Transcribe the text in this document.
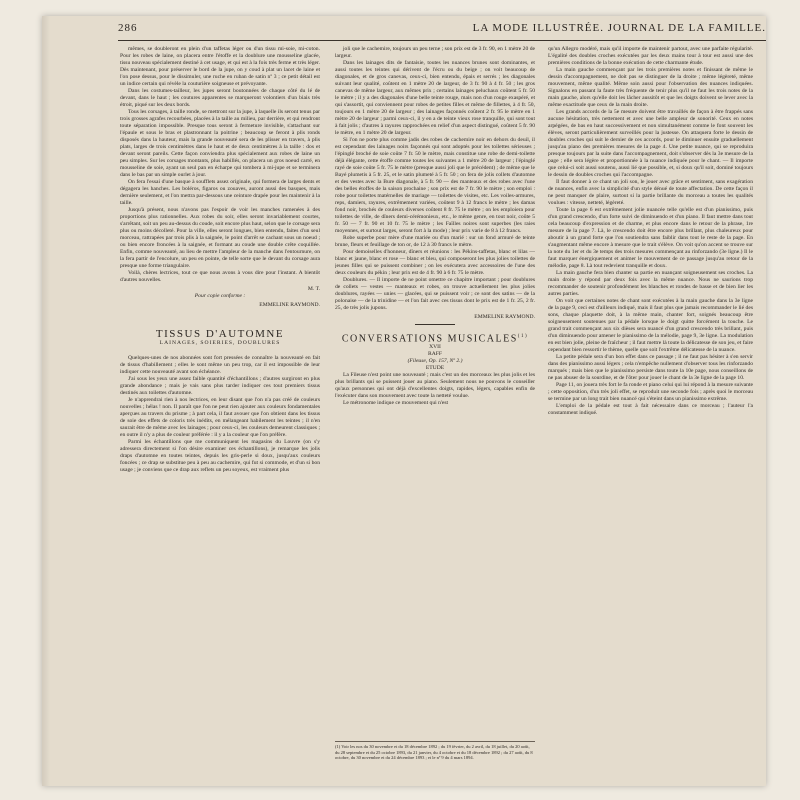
286	LA MODE ILLUSTRÉE. JOURNAL DE LA FAMILLE.

mêmes, se doubleront en plein d'un taffetas léger ou d'un tissu mi-soie, mi-coton. Pour les robes de laine, on placera entre l'étoffe et la doublure une mousseline glacée, tissu nouveau spécialement destiné à cet usage, et qui est à la fois très ferme et très léger. Dès maintenant, pour préserver le bord de la jupe, on y coud à plat un lacet de laine et l'on pose dessus, pour le dissimuler, une ruche en ruban de satin nº 3 ; ce petit détail est un indice certain qui révèle la couturière soigneuse et prévoyante.

Dans les costumes-tailleur, les jupes seront boutonnées de chaque côté du lé de devant, dans le haut ; les coutures apparentes se marqueront volontiers d'un biais très étroit, piqué sur les deux bords.

Tous les corsages, à taille ronde, se mettront sur la jupe, à laquelle ils seront tenus par trois grosses agrafes recourbées, placées à la taille au milieu, par derrière, et qui rendront toute séparation impossible. Presque tous seront à fermeture invisible, s'attachant sur l'épaule et sous le bras et plastronnant la poitrine ; beaucoup se feront à plis ronds disposés dans la hauteur, mais la grande nouveauté sera de les plisser en travers, à plis plats, larges de trois centimètres dans le haut et de deux centimètres à la taille : dos et devant seront pareils. Cette façon conviendra plus spécialement aux robes de laine un peu simples. Sur les corsages montants, plus habillés, on placera un gros noeud carré, en mousseline de soie, ayant un seul pan en écharpe qui tombera à mi-jupe et se terminera dans le bas par un simple ourlet à jour.

On fera l'essai d'une basque à soufflets assez originale, qui formera de larges dents et dégagera les hanches. Les boléros, figaros ou zouaves, auront aussi des basques, mais dernière seulement, et l'on mettra par-dessous une ceinture drapée pour les maintenir à la taille.

Jusqu'à présent, nous n'avons pas l'espoir de voir les manches ramenées à des proportions plus rationnelles. Aux robes du soir, elles seront invariablement courtes, s'arrêtant, soit un peu au-dessus du coude, soit encore plus haut, selon que le corsage sera plus ou moins décolleté. Pour la ville, elles seront longues, bien entendu, faites d'un seul morceau, rattrapées par trois plis à la saignée, le point d'arrêt se cachant sous un noeud ; ou bien encore froncées à la saignée, et formant au coude une double crête coquillée. Enfin, comme nouveauté, au lieu de mettre l'ampleur de la manche dans l'entournure, on la fera partir de l'encolure, un peu en pointe, de telle sorte que le devant du corsage aura presque une forme triangulaire.

Voilà, chères lectrices, tout ce que nous avons à vous dire pour l'instant. A bientôt d'autres nouvelles.

M. T.
Pour copie conforme :
EMMELINE RAYMOND.
TISSUS D'AUTOMNE
LAINAGES, SOIERIES, DOUBLURES

Quelques-unes de nos abonnées sont fort pressées de connaître la nouveauté en fait de tissus d'habillement ; elles le sont même un peu trop, car il est impossible de leur indiquer cette nouveauté avant son échéance.

J'ai sous les yeux une assez faible quantité d'échantillons ; d'autres surgiront en plus grande abondance ; mais je vais sans plus tarder indiquer ces tout premiers tissus destinés aux toilettes d'automne.

Je n'apprendrai rien à nos lectrices, en leur disant que l'on n'a pas créé de couleurs nouvelles ; hélas ! non. Il paraît que l'on ne peut rien ajouter aux couleurs fondamentales aperçues au travers du prisme ; à part cela, il faut avouer que l'on obtient dans les tissus de soie des effets de coloris très inédits, en mélangeant habilement les teintes ; il n'en saurait être de même avec les lainages ; pour ceux-ci, les couleurs demeurent classiques ; en outre il n'y a plus de couleur préférée : il y a la couleur que l'on préfère.

Parmi les échantillons que me communiquent les magasins du Louvre (on s'y adressera directement si l'on désire examiner ces échantillons), je remarque les jolis draps d'automne en toutes teintes, depuis les gris-perle si doux, jusqu'aux couleurs foncées ; ce drap se substitue peu à peu au cachemire, qui fut si commode, et d'un si bon usage ; je conviens que ce drap aux reflets un peu soyeux, est vraiment plus

joli que le cachemire, toujours un peu terne ; son prix est de 3 fr. 90, en 1 mètre 20 de largeur.

Dans les lainages dits de fantaisie, toutes les nuances brunes sont dominantes, et aussi toutes les teintes qui dérivent de l'écru ou du beige ; on voit beaucoup de diagonales, et de gros canevas, ceux-ci, bien entendu, épais et serrés ; les diagonales suivant leur qualité, coûtent en 1 mètre 20 de largeur, de 3 fr. 90 à 4 fr. 50 ; les gros canevas de même largeur, aux mêmes prix ; certains lainages peluchaux coûtent 5 fr. 50 le mètre ; il y a des diagonales d'une belle teinte rouge, mais non d'un rouge exaspéré, et qui s'assortit, qui conviennent pour robes de petites filles et même de fillettes, à 4 fr. 50, toujours en 1 mètre 20 de largeur ; des lainages façonnés coûtent 2 fr. 95 le mètre en 1 mètre 20 de largeur ; parmi ceux-ci, il y en a de teinte vieux rose tranquille, qui sont tout à fait jolis ; d'autres à rayures rapprochées en relief d'un aspect distingué, coûtent 5 fr. 90 le mètre, en 1 mètre 20 de largeur.

Si l'on ne porte plus comme jadis des robes de cachemire noir en dehors du deuil, il est cependant des lainages noirs façonnés qui sont adoptés pour les toilettes sérieuses ; l'épinglé broché de soie coûte 7 fr. 50 le mètre, mais constitue une robe de demi-toilette déjà élégante, cette étoffe comme toutes les suivantes a 1 mètre 20 de largeur ; l'épinglé rayé de soie coûte 5 fr. 75 le mètre (presque aussi joli que le précédent) ; de même que le Bayé plumetis à 5 fr. 25, et le satin plumeté à 5 fr. 50 ; on fera de jolis collets d'automne et des vestes avec la Bure diagonale, à 5 fr. 90 — des manteaux et des robes avec l'une des belles étoffes de la saison prochaine ; son prix est de 7 fr. 90 le mètre ; son emploi : robe pour toilettes matérnelles de mariage — toilettes de visites, etc. Les voiles-armures, reps, damiers, rayures, extrêmement variées, coûtent 9 à 12 francs le mètre ; les damas fond noir, brochés de couleurs diverses coûtent 8 fr. 75 le mètre ; on les emploiera pour toilettes de ville, de dîners demi-cérémonieux, etc., le même genre, en tout noir, coûte 5 fr. 50 — 7 fr. 90 et 10 fr. 75 le mètre ; les Faïlles noires sont superbes (les raies moyennes, et surtout larges, seront fort à la mode) ; leur prix varie de 8 à 12 francs.

Robe superbe pour mère d'une mariée ou d'un marié : sur un fond armuré de teinte brune, fleurs et feuillage de ton or, de 12 à 30 francs le mètre.

Pour demoiselles d'honneur, dîners et réunions : les Pékins-taffetas, blanc et lilas — blanc et jaune, blanc et rose — blanc et bleu, qui composeront les plus jolies toilettes de jeunes filles qui se puissent combiner ; on les exécutera avec accessoires de l'une des deux couleurs du pékin ; leur prix est de 4 fr. 90 à 6 fr. 75 le mètre.

Doublures. — Il importe de ne point omettre ce chapitre important ; pour doublures de collets — vestes — manteaux et robes, on trouve actuellement les plus jolies doublures, rayées — unies — glacées, qui se puissent voir ; ce sont des satins — de la polonaise — de la trinidine — et l'on fait avec ces tissus dont le prix est de 1 fr. 25, 2 fr. 25, de très jolis jupons.

EMMELINE RAYMOND.
CONVERSATIONS MUSICALES$^{(1)}$
XVII
RAFF
(Fileuse, Op. 157, Nº 2.)
ETUDE

La Fileuse n'est point une nouveauté ; mais c'est un des morceaux les plus jolis et les plus brillants qui se puissent jouer au piano. Seulement nous ne pouvons le conseiller qu'aux personnes qui ont déjà d'excellentes doigts, rapides, légers, capables enfin de l'exécuter dans son mouvement avec toute la netteté voulue.

Le métronome indique ce mouvement qui n'est

(1) Voir les nos du 30 novembre et du 18 décembre 1892 ; du 19 février, du 2 avril, du 18 juillet, du 20 août, du 28 septembre et du 25 octobre 1893, du 21 janvier, du 4 octobre et du 18 décembre 1892 ; du 27 août, du 8 octobre, du 30 novembre et du 24 décembre 1893 ; et le nº 9 du 4 mars 1894.

qu'un Allegro modéré, mais qu'il importe de maintenir partout, avec une parfaite régularité. L'égalité des doubles croches exécutées par les deux mains tour à tour est aussi une des premières conditions de la bonne exécution de cette charmante étude.

La main gauche commençant par les trois premières notes et finissant de même le dessin d'accompagnement, ne doit pas se distinguer de la droite ; même légèreté, même mouvement, même qualité. Même soin aussi pour l'observation des nuances indiquées. Signalons en passant la faute très fréquente de tenir plus qu'il ne faut les trois notes de la main gauche, alors qu'elle doit les lâcher aussitôt et que les doigts doivent se lever avec la même exactitude que ceux de la main droite.

Les grands accords de la 5e mesure doivent être travaillés de façon à être frappés sans aucune hésitation, très nettement et avec une belle ampleur de sonorité. Ceux en notes arpégées, de bas en haut successivement et non simultanément comme le font souvent les élèves, seront particulièrement surveillés pour la justesse. On attaquera forte le dessin de doubles croches qui suit le dernier de ces accords, pour le diminuer ensuite graduellement jusqu'au piano des premières mesures de la page 4. Une petite nuance, qui se reproduira presque toujours par la suite dans l'accompagnement, doit s'observer dès la 3e mesure de la page ; elle sera légère et proportionnée à la nuance indiquée pour le chant. — Il importe que celui-ci soit aussi soutenu, aussi lié que possible, et, si doux qu'il soit, dominé toujours le dessin de doubles croches qui l'accompagne.

Il faut donner à ce chant un joli son, le jouer avec grâce et sentiment, sans exagération de nuances, enfin avec la simplicité d'un style dénué de toute affectation. De cette façon il ne peut manquer de plaire, surtout si la partie brillante du morceau a toutes les qualités voulues : vitesse, netteté, légèreté.

Toute la page 6 est extrêmement jolie nuancée telle qu'elle est d'un pianissimo, puis d'un grand crescendo, d'un forte suivi de diminuendo et d'un piano. Il faut mettre dans tout cela beaucoup d'expression et de charme, et plus encore dans le retour de la phrase, 1re mesure de la page 7. Là, le crescendo doit être encore plus brillant, plus chaleureux pour aboutir à un grand forte que l'on soutiendra sans faiblir dans tout le reste de la page. En s'augmentant même encore à mesure que le trait s'élève. On voit qu'on accent se trouve sur la note du 1er et du 3e temps des trois mesures commençant au rinforzando (3e ligne.) Il le faut marquer énergiquement et animer le mouvement de ce passage jusqu'au retour de la mélodie, page 8. Là tout redevient tranquille et doux.

La main gauche fera bien chanter sa partie en nuançant soigneusement ses croches. La main droite y répond par deux fois avec la même nuance. Nous ne saurions trop recommander de soutenir profondément les blanches et rondes de basse et de bien lier les autres parties.

On voit que certaines notes de chant sont exécutées à la main gauche dans la 3e ligne de la page 9, ceci est d'ailleurs indiqué, mais il faut plus que jamais recommander le lié des sons, chaque plaquette doit, à la même main, chanter fort, soignés beaucoup être soigneusement soutenues par la pédale lorsque le doigt quitte forcément la touche. Le grand trait commençant aux six dièses sera nuancé d'un grand crescendo très brillant, puis d'un diminuendo pour amener le pianissimo de la mélodie, page 9, 3e ligne. La modulation en est bien jolie, pleine de fraîcheur ; il faut mettre là toute la délicatesse de son jeu, et faire cependant bien ressortir le thème, quelle que soit l'extrême délicatesse de la nuance.

La petite pédale sera d'un bon effet dans ce passage ; il ne faut pas hésiter à s'en servir dans des pianissimo aussi légers ; cela n'empêche nullement d'observer tous les rinforzando marqués ; mais bien que le pianissimo persiste dans toute la 10e page, nous conseillons de ne pas abuser de la sourdine, et de l'ôter pour jouer le chant de la 3e ligne de la page 10.

Page 11, on jouera très fort le fa ronde et piano celui qui lui répond à la mesure suivante ; cette opposition, d'un très joli effet, se reproduit une seconde fois ; après quoi le morceau se termine par un long trait bien nuancé qui s'éteint dans un pianissimo extrême.

L'emploi de la pédale est tout à fait nécessaire dans ce morceau ; l'auteur l'a constamment indiqué.
